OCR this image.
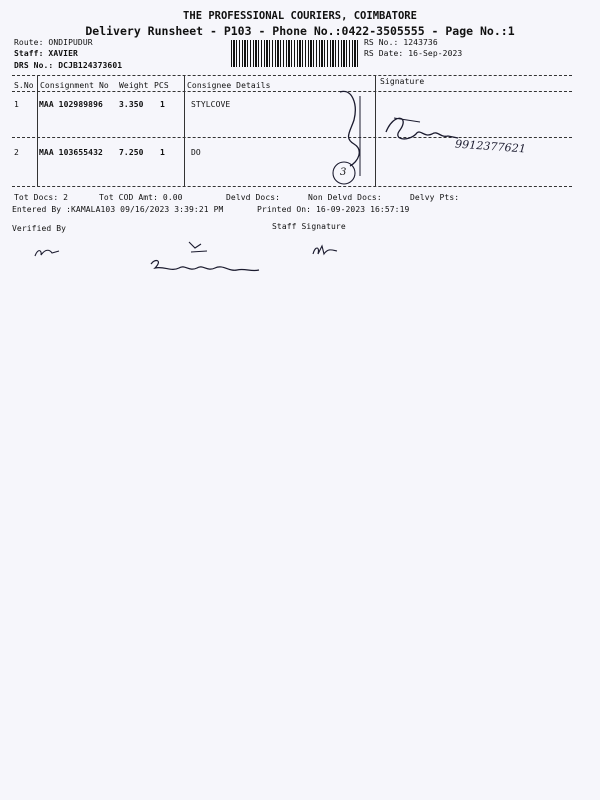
THE PROFESSIONAL COURIERS, COIMBATORE
Delivery Runsheet - P103 - Phone No.:0422-3505555 - Page No.:1
Route: ONDIPUDUR
Staff: XAVIER
DRS No.: DCJB124373601
RS No.: 1243736
RS Date: 16-Sep-2023
S.No Consignment No Weight PCS Consignee Details	Signature
1	MAA 102989896 3.350 1	STYLCOVE
2	MAA 103655432 7.250 1	DO
3
9912377621
Tot Docs: 2	Tot COD Amt: 0.00	Delvd Docs:	Non Delvd Docs:	Delvy Pts:
Entered By :KAMALA103 09/16/2023 3:39:21 PM	Printed On: 16-09-2023 16:57:19
Verified By	Staff Signature
